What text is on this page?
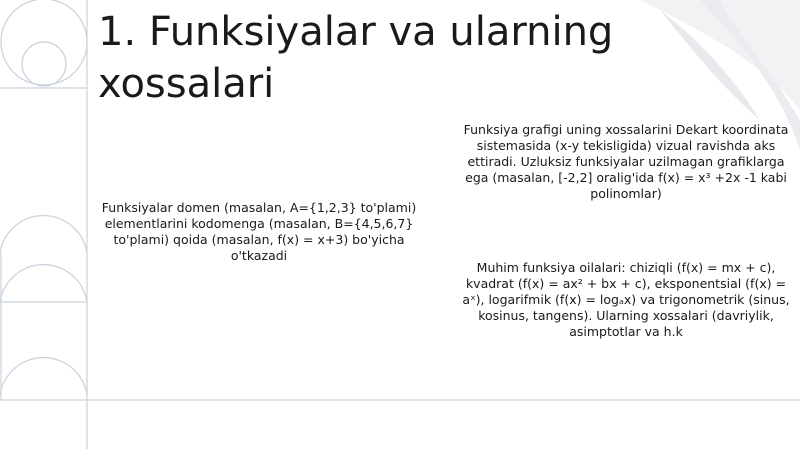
1. Funksiyalar va ularning
xossalari

Funksiyalar domen (masalan, A={1,2,3} to'plami) elementlarini kodomenga (masalan, B={4,5,6,7} to'plami) qoida (masalan, f(x) = x+3) bo'yicha o'tkazadi

Funksiya grafigi uning xossalarini Dekart koordinata sistemasida (x-y tekisligida) vizual ravishda aks ettiradi. Uzluksiz funksiyalar uzilmagan grafiklarga ega (masalan, [-2,2] oralig'ida f(x) = x³ +2x -1 kabi polinomlar)

Muhim funksiya oilalari: chiziqli (f(x) = mx + c), kvadrat (f(x) = ax² + bx + c), eksponentsial (f(x) = aˣ), logarifmik (f(x) = logₐx) va trigonometrik (sinus, kosinus, tangens). Ularning xossalari (davriylik, asimptotlar va h.k
